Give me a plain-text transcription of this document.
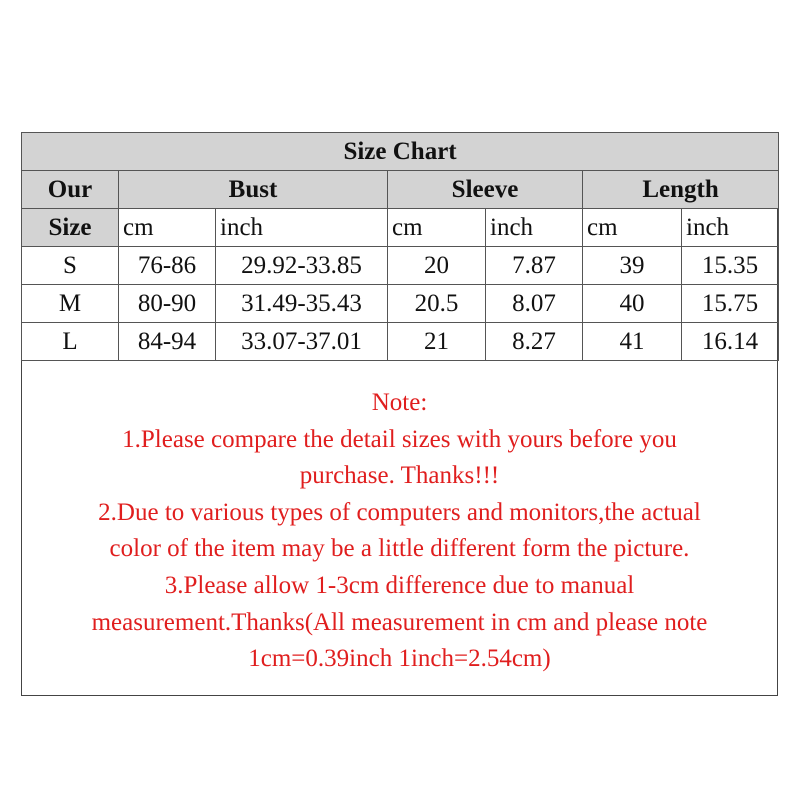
Size Chart						
Our	Bust		Sleeve		Length	
Size	cm	inch	cm	inch	cm	inch
S	76-86	29.92-33.85	20	7.87	39	15.35
M	80-90	31.49-35.43	20.5	8.07	40	15.75
L	84-94	33.07-37.01	21	8.27	41	16.14
Note:
1.Please compare the detail sizes with yours before you
purchase. Thanks!!!
2.Due to various types of computers and monitors,the actual
color of the item may be a little different form the picture.
3.Please allow 1-3cm difference due to manual
measurement.Thanks(All measurement in cm and please note
1cm=0.39inch 1inch=2.54cm)
